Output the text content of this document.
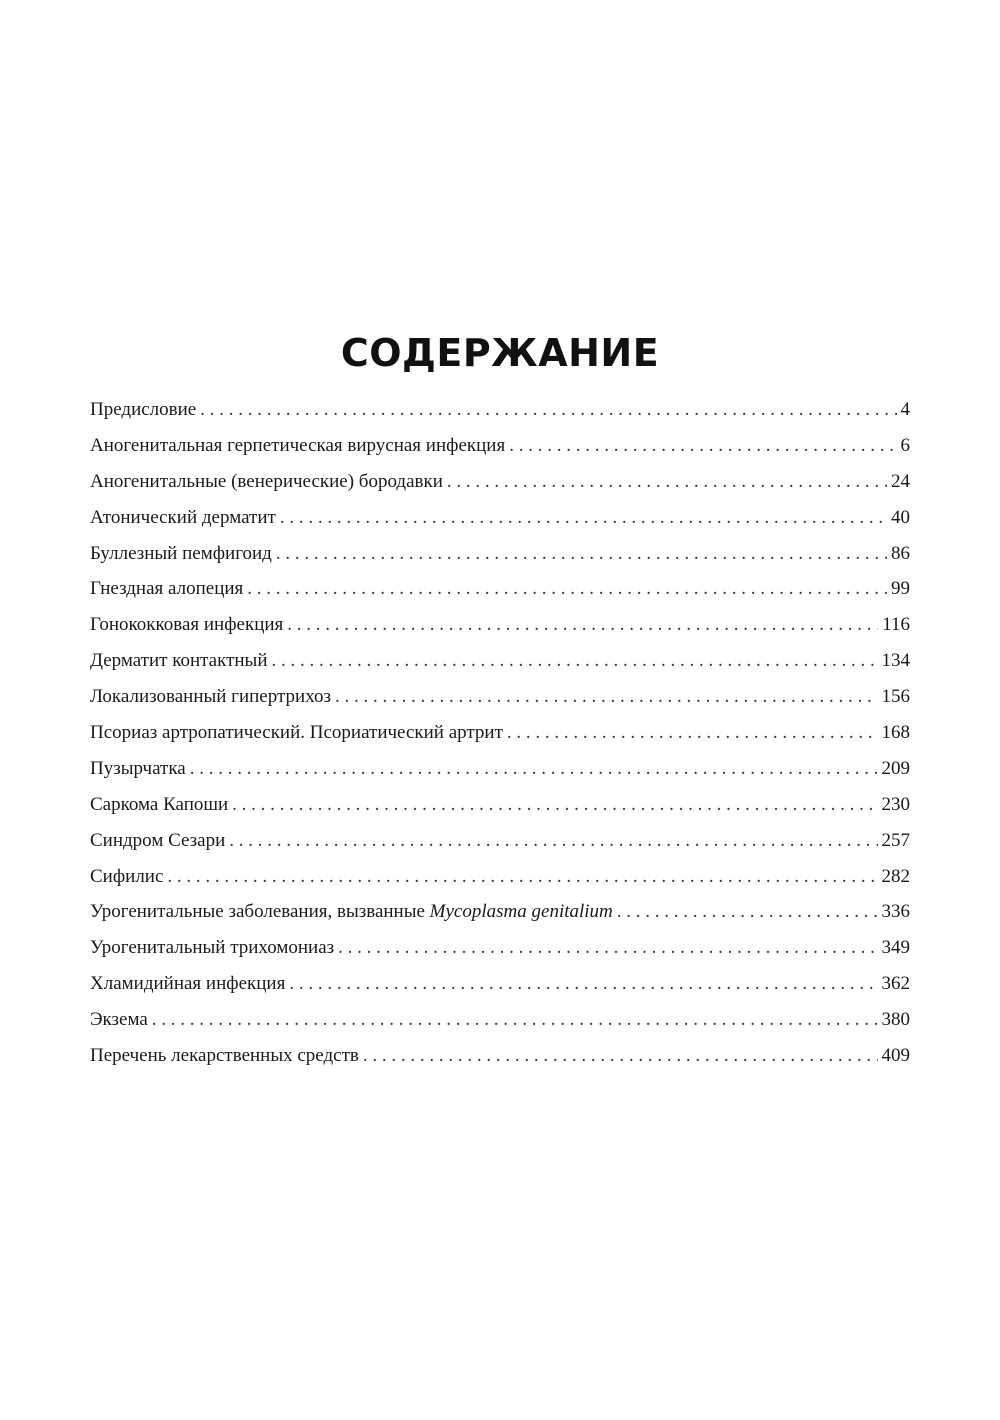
СОДЕРЖАНИЕ
Предисловие . . .	4
Аногенитальная герпетическая вирусная инфекция . . .	6
Аногенитальные (венерические) бородавки . . .	24
Атонический дерматит . . .	40
Буллезный пемфигоид . . .	86
Гнездная алопеция . . .	99
Гонококковая инфекция . . .	116
Дерматит контактный . . .	134
Локализованный гипертрихоз . . .	156
Псориаз артропатический. Псориатический артрит . . .	168
Пузырчатка . . .	209
Саркома Капоши . . .	230
Синдром Сезари . . .	257
Сифилис . . .	282
Урогенитальные заболевания, вызванные Mycoplasma genitalium . . .	336
Урогенитальный трихомониаз . . .	349
Хламидийная инфекция . . .	362
Экзема . . .	380
Перечень лекарственных средств . . .	409
